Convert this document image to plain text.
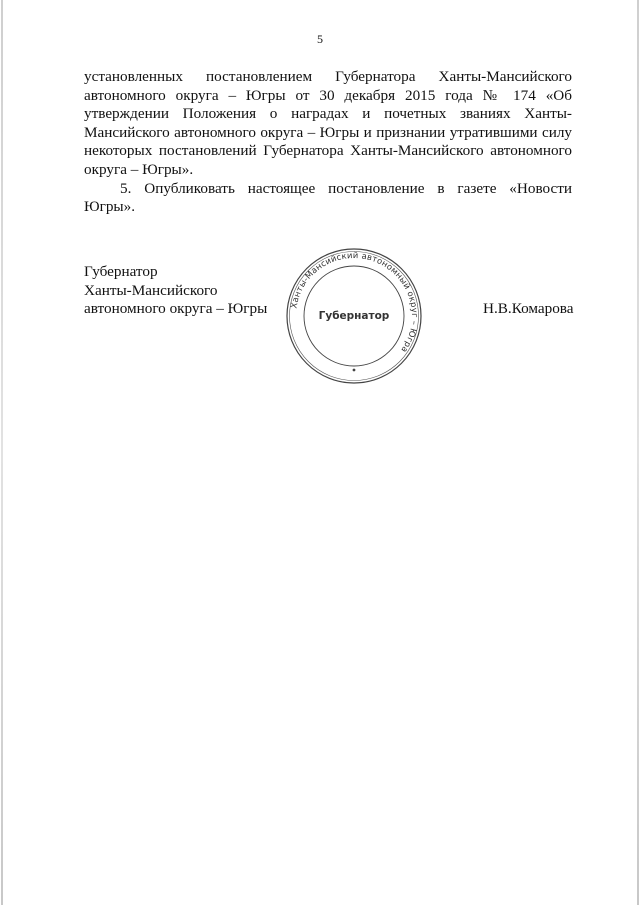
5

установленных постановлением Губернатора Ханты-Мансийского автономного округа – Югры от 30 декабря 2015 года № 174 «Об утверждении Положения о наградах и почетных званиях Ханты-Мансийского автономного округа – Югры и признании утратившими силу некоторых постановлений Губернатора Ханты-Мансийского автономного округа – Югры».

5. Опубликовать настоящее постановление в газете «Новости Югры».

Губернатор
Ханты-Мансийского
автономного округа – Югры	Ханты-Мансийский автономный округ – Югра
Губернатор	Н.В.Комарова
